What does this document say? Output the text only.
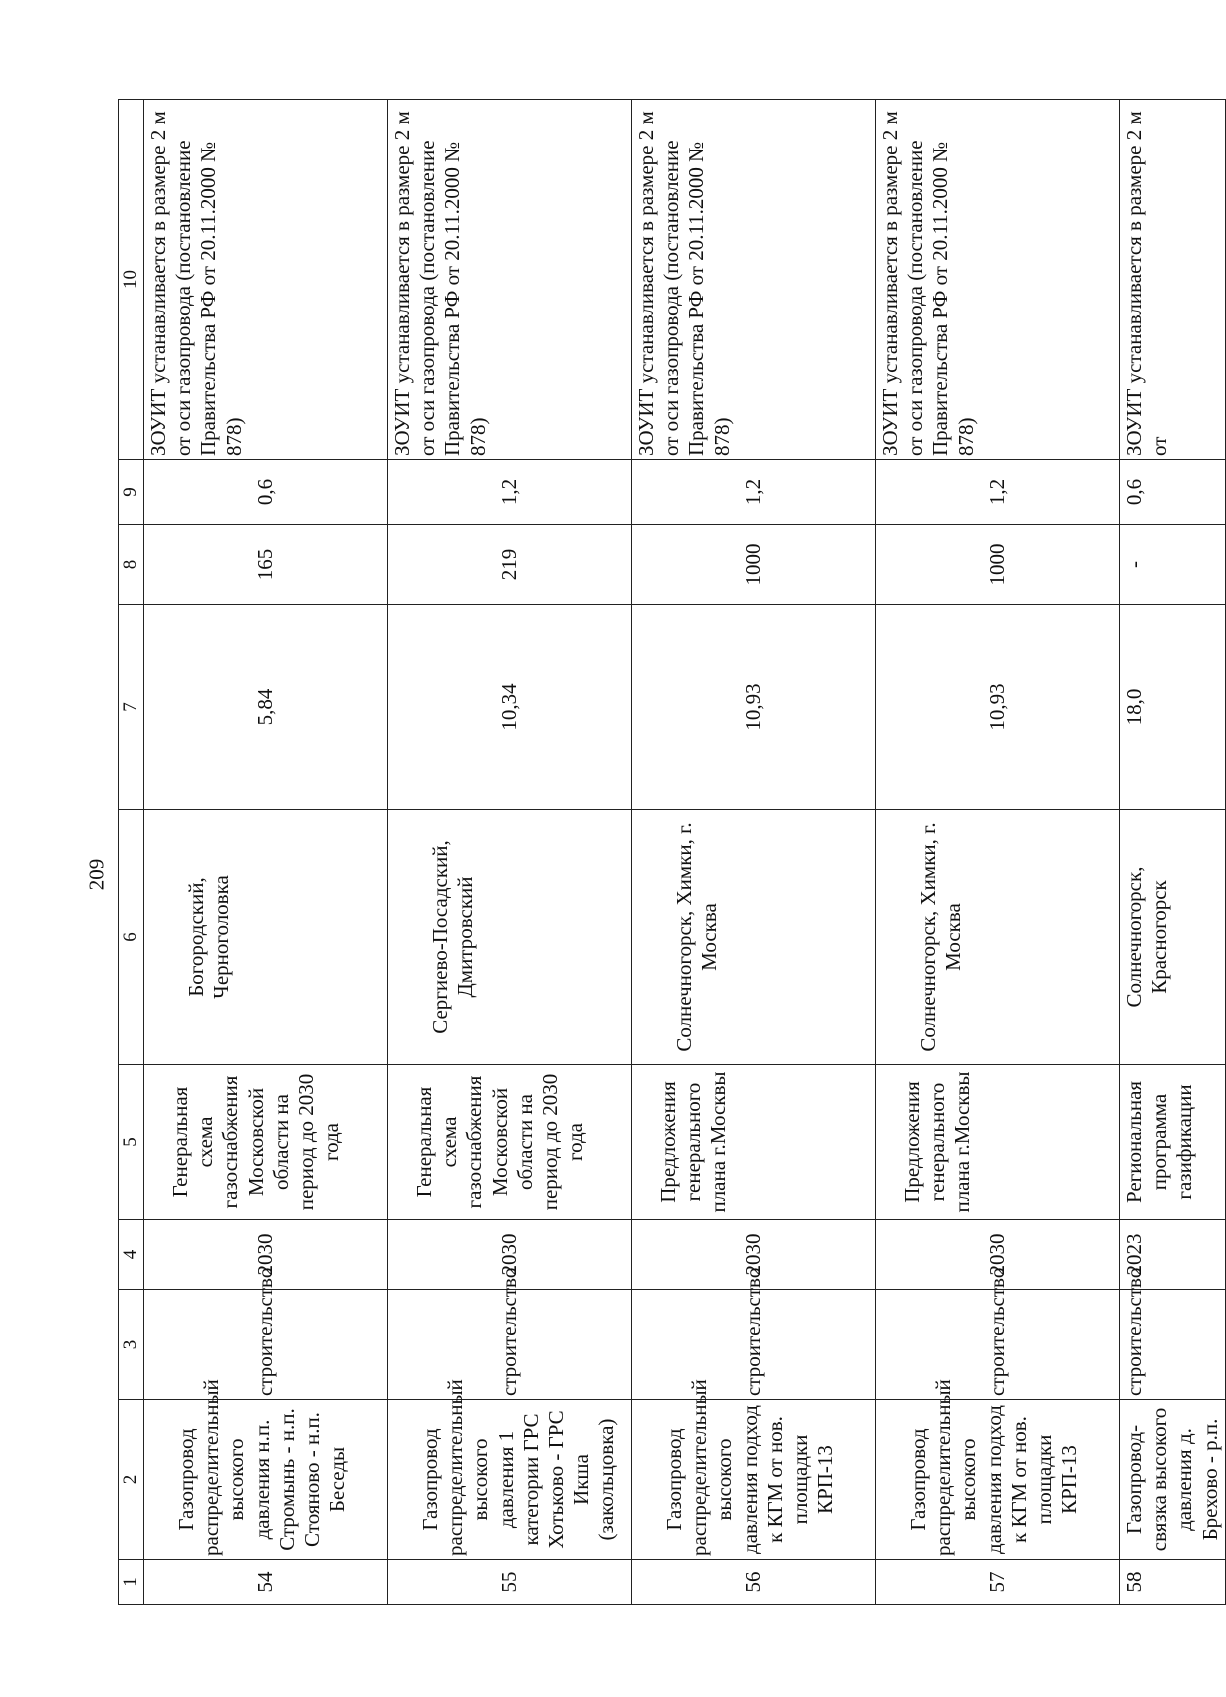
209
1	2	3	4	5	6	7	8	9	10
54	Газопровод распределительный высокого давления н.п. Стромынь - н.п. Стояново - н.п. Беседы	строительство	2030	Генеральная схема газоснабжения Московской области на период до 2030 года	Богородский, Черноголовка	5,84	165	0,6	ЗОУИТ устанавливается в размере 2 м от оси газопровода (постановление Правительства РФ от 20.11.2000 № 878)
55	Газопровод распределительный высокого давления 1 категории ГРС Хотьково - ГРС Икша (закольцовка)	строительство	2030	Генеральная схема газоснабжения Московской области на период до 2030 года	Сергиево-Посадский, Дмитровский	10,34	219	1,2	ЗОУИТ устанавливается в размере 2 м от оси газопровода (постановление Правительства РФ от 20.11.2000 № 878)
56	Газопровод распределительный высокого давления подход к КГМ от нов. площадки КРП-13	строительство	2030	Предложения генерального плана г.Москвы	Солнечногорск, Химки, г. Москва	10,93	1000	1,2	ЗОУИТ устанавливается в размере 2 м от оси газопровода (постановление Правительства РФ от 20.11.2000 № 878)
57	Газопровод распределительный высокого давления подход к КГМ от нов. площадки КРП-13	строительство	2030	Предложения генерального плана г.Москвы	Солнечногорск, Химки, г. Москва	10,93	1000	1,2	ЗОУИТ устанавливается в размере 2 м от оси газопровода (постановление Правительства РФ от 20.11.2000 № 878)
58	Газопровод-связка высокого давления д. Брехово - р.п.	строительство	2023	Региональная программа газификации	Солнечногорск, Красногорск	18,0	-	0,6	ЗОУИТ устанавливается в размере 2 м от
